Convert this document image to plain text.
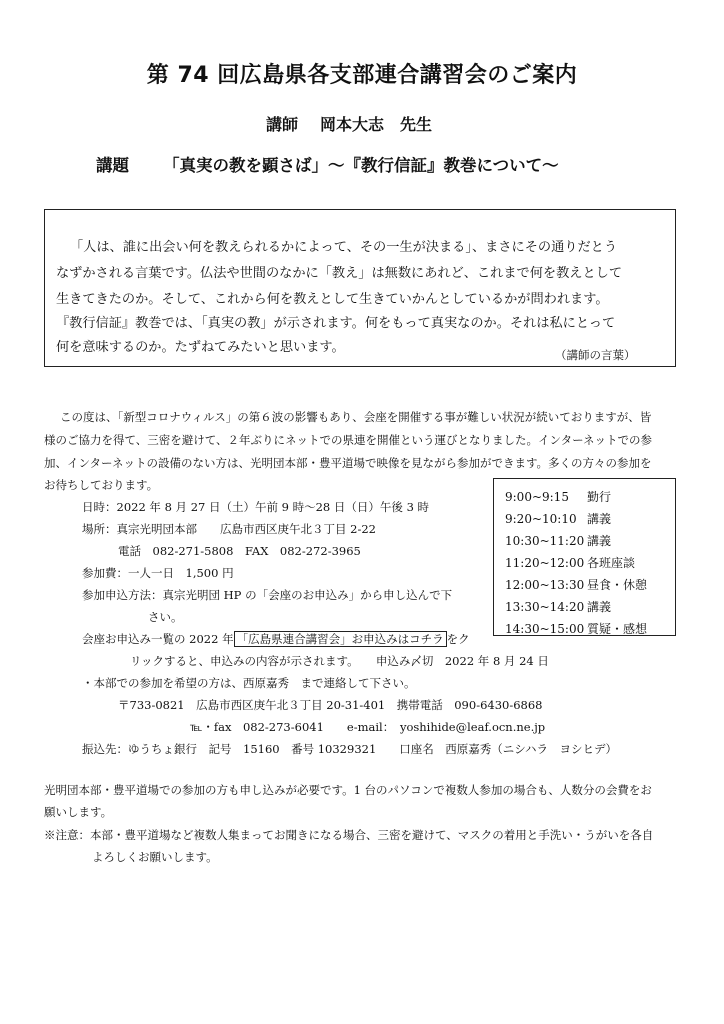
第 74 回広島県各支部連合講習会のご案内
講師 岡本大志　先生
講題 「真実の教を顕さば」～『教行信証』教巻について～
「人は、誰に出会い何を教えられるかによって、その一生が決まる」、まさにその通りだとう
なずかされる言葉です。仏法や世間のなかに「教え」は無数にあれど、これまで何を教えとして
生きてきたのか。そして、これから何を教えとして生きていかんとしているかが問われます。
『教行信証』教巻では、「真実の教」が示されます。何をもって真実なのか。それは私にとって
何を意味するのか。たずねてみたいと思います。	（講師の言葉）
この度は、「新型コロナウィルス」の第６波の影響もあり、会座を開催する事が難しい状況が続いておりますが、皆
様のご協力を得て、三密を避けて、２年ぶりにネットでの県連を開催という運びとなりました。インターネットでの参
加、インターネットの設備のない方は、光明団本部・豊平道場で映像を見ながら参加ができます。多くの方々の参加を
お待ちしております。
日時：2022 年 8 月 27 日（土）午前 9 時～28 日（日）午後 3 時
場所：真宗光明団本部　　広島市西区庚午北３丁目 2-22
電話　082-271-5808　FAX　082-272-3965
参加費：一人一日　1,500 円
参加申込方法：真宗光明団 HP の「会座のお申込み」から申し込んで下
さい。
会座お申込み一覧の 2022 年 「広島県連合講習会」お申込みはコチラ をク
リックすると、申込みの内容が示されます。　　申込み〆切　2022 年 8 月 24 日
・本部での参加を希望の方は、西原嘉秀　まで連絡して下さい。
〒733-0821　広島市西区庚午北３丁目 20-31-401　携帯電話　090-6430-6868
℡・fax　082-273-6041　　e-mail：　yoshihide@leaf.ocn.ne.jp
振込先：ゆうちょ銀行　記号　15160　番号 10329321　　口座名　西原嘉秀（ニシハラ　ヨシヒデ）
9:00~9:15 勤行
9:20~10:10 講義
10:30~11:20 講義
11:20~12:00 各班座談
12:00~13:30 昼食・休憩
13:30~14:20 講義
14:30~15:00 質疑・感想
光明団本部・豊平道場での参加の方も申し込みが必要です。1 台のパソコンで複数人参加の場合も、人数分の会費をお
願いします。
※注意：本部・豊平道場など複数人集まってお聞きになる場合、三密を避けて、マスクの着用と手洗い・うがいを各自
よろしくお願いします。
